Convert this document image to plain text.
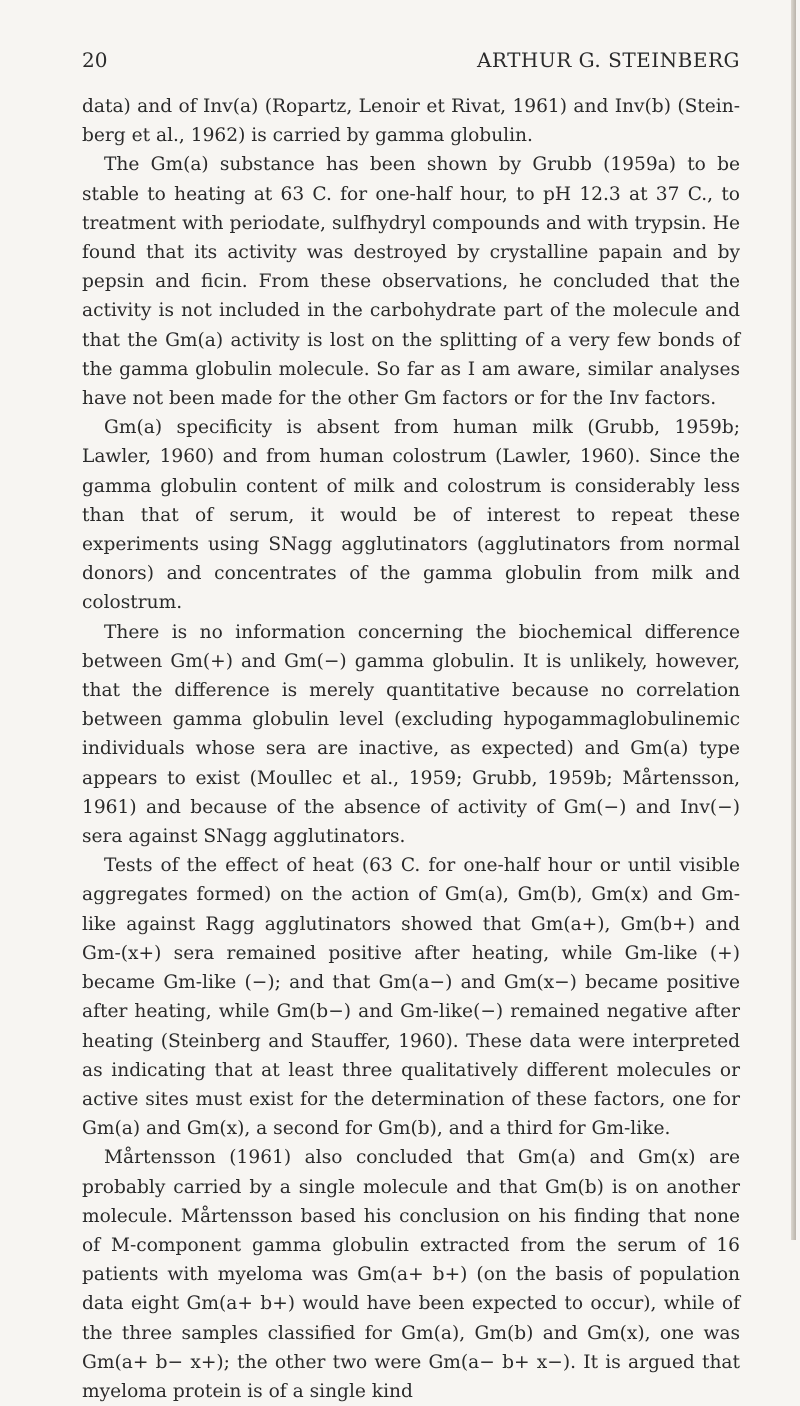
20	ARTHUR G. STEINBERG

data) and of Inv(a) (Ropartz, Lenoir et Rivat, 1961) and Inv(b) (Steinberg et al., 1962) is carried by gamma globulin.

The Gm(a) substance has been shown by Grubb (1959a) to be stable to heating at 63 C. for one-half hour, to pH 12.3 at 37 C., to treatment with periodate, sulfhydryl compounds and with trypsin. He found that its activity was destroyed by crystalline papain and by pepsin and ficin. From these observations, he concluded that the activity is not included in the carbohydrate part of the molecule and that the Gm(a) activity is lost on the splitting of a very few bonds of the gamma globulin molecule. So far as I am aware, similar analyses have not been made for the other Gm factors or for the Inv factors.

Gm(a) specificity is absent from human milk (Grubb, 1959b; Lawler, 1960) and from human colostrum (Lawler, 1960). Since the gamma globulin content of milk and colostrum is considerably less than that of serum, it would be of interest to repeat these experiments using SNagg agglutinators (agglutinators from normal donors) and concentrates of the gamma globulin from milk and colostrum.

There is no information concerning the biochemical difference between Gm(+) and Gm(−) gamma globulin. It is unlikely, however, that the difference is merely quantitative because no correlation between gamma globulin level (excluding hypogammaglobulinemic individuals whose sera are inactive, as expected) and Gm(a) type appears to exist (Moullec et al., 1959; Grubb, 1959b; Mårtensson, 1961) and because of the absence of activity of Gm(−) and Inv(−) sera against SNagg agglutinators.

Tests of the effect of heat (63 C. for one-half hour or until visible aggregates formed) on the action of Gm(a), Gm(b), Gm(x) and Gm-like against Ragg agglutinators showed that Gm(a+), Gm(b+) and Gm-(x+) sera remained positive after heating, while Gm-like (+) became Gm-like (−); and that Gm(a−) and Gm(x−) became positive after heating, while Gm(b−) and Gm-like(−) remained negative after heating (Steinberg and Stauffer, 1960). These data were interpreted as indicating that at least three qualitatively different molecules or active sites must exist for the determination of these factors, one for Gm(a) and Gm(x), a second for Gm(b), and a third for Gm-like.

Mårtensson (1961) also concluded that Gm(a) and Gm(x) are probably carried by a single molecule and that Gm(b) is on another molecule. Mårtensson based his conclusion on his finding that none of M-component gamma globulin extracted from the serum of 16 patients with myeloma was Gm(a+ b+) (on the basis of population data eight Gm(a+ b+) would have been expected to occur), while of the three samples classified for Gm(a), Gm(b) and Gm(x), one was Gm(a+ b− x+); the other two were Gm(a− b+ x−). It is argued that myeloma protein is of a single kind
